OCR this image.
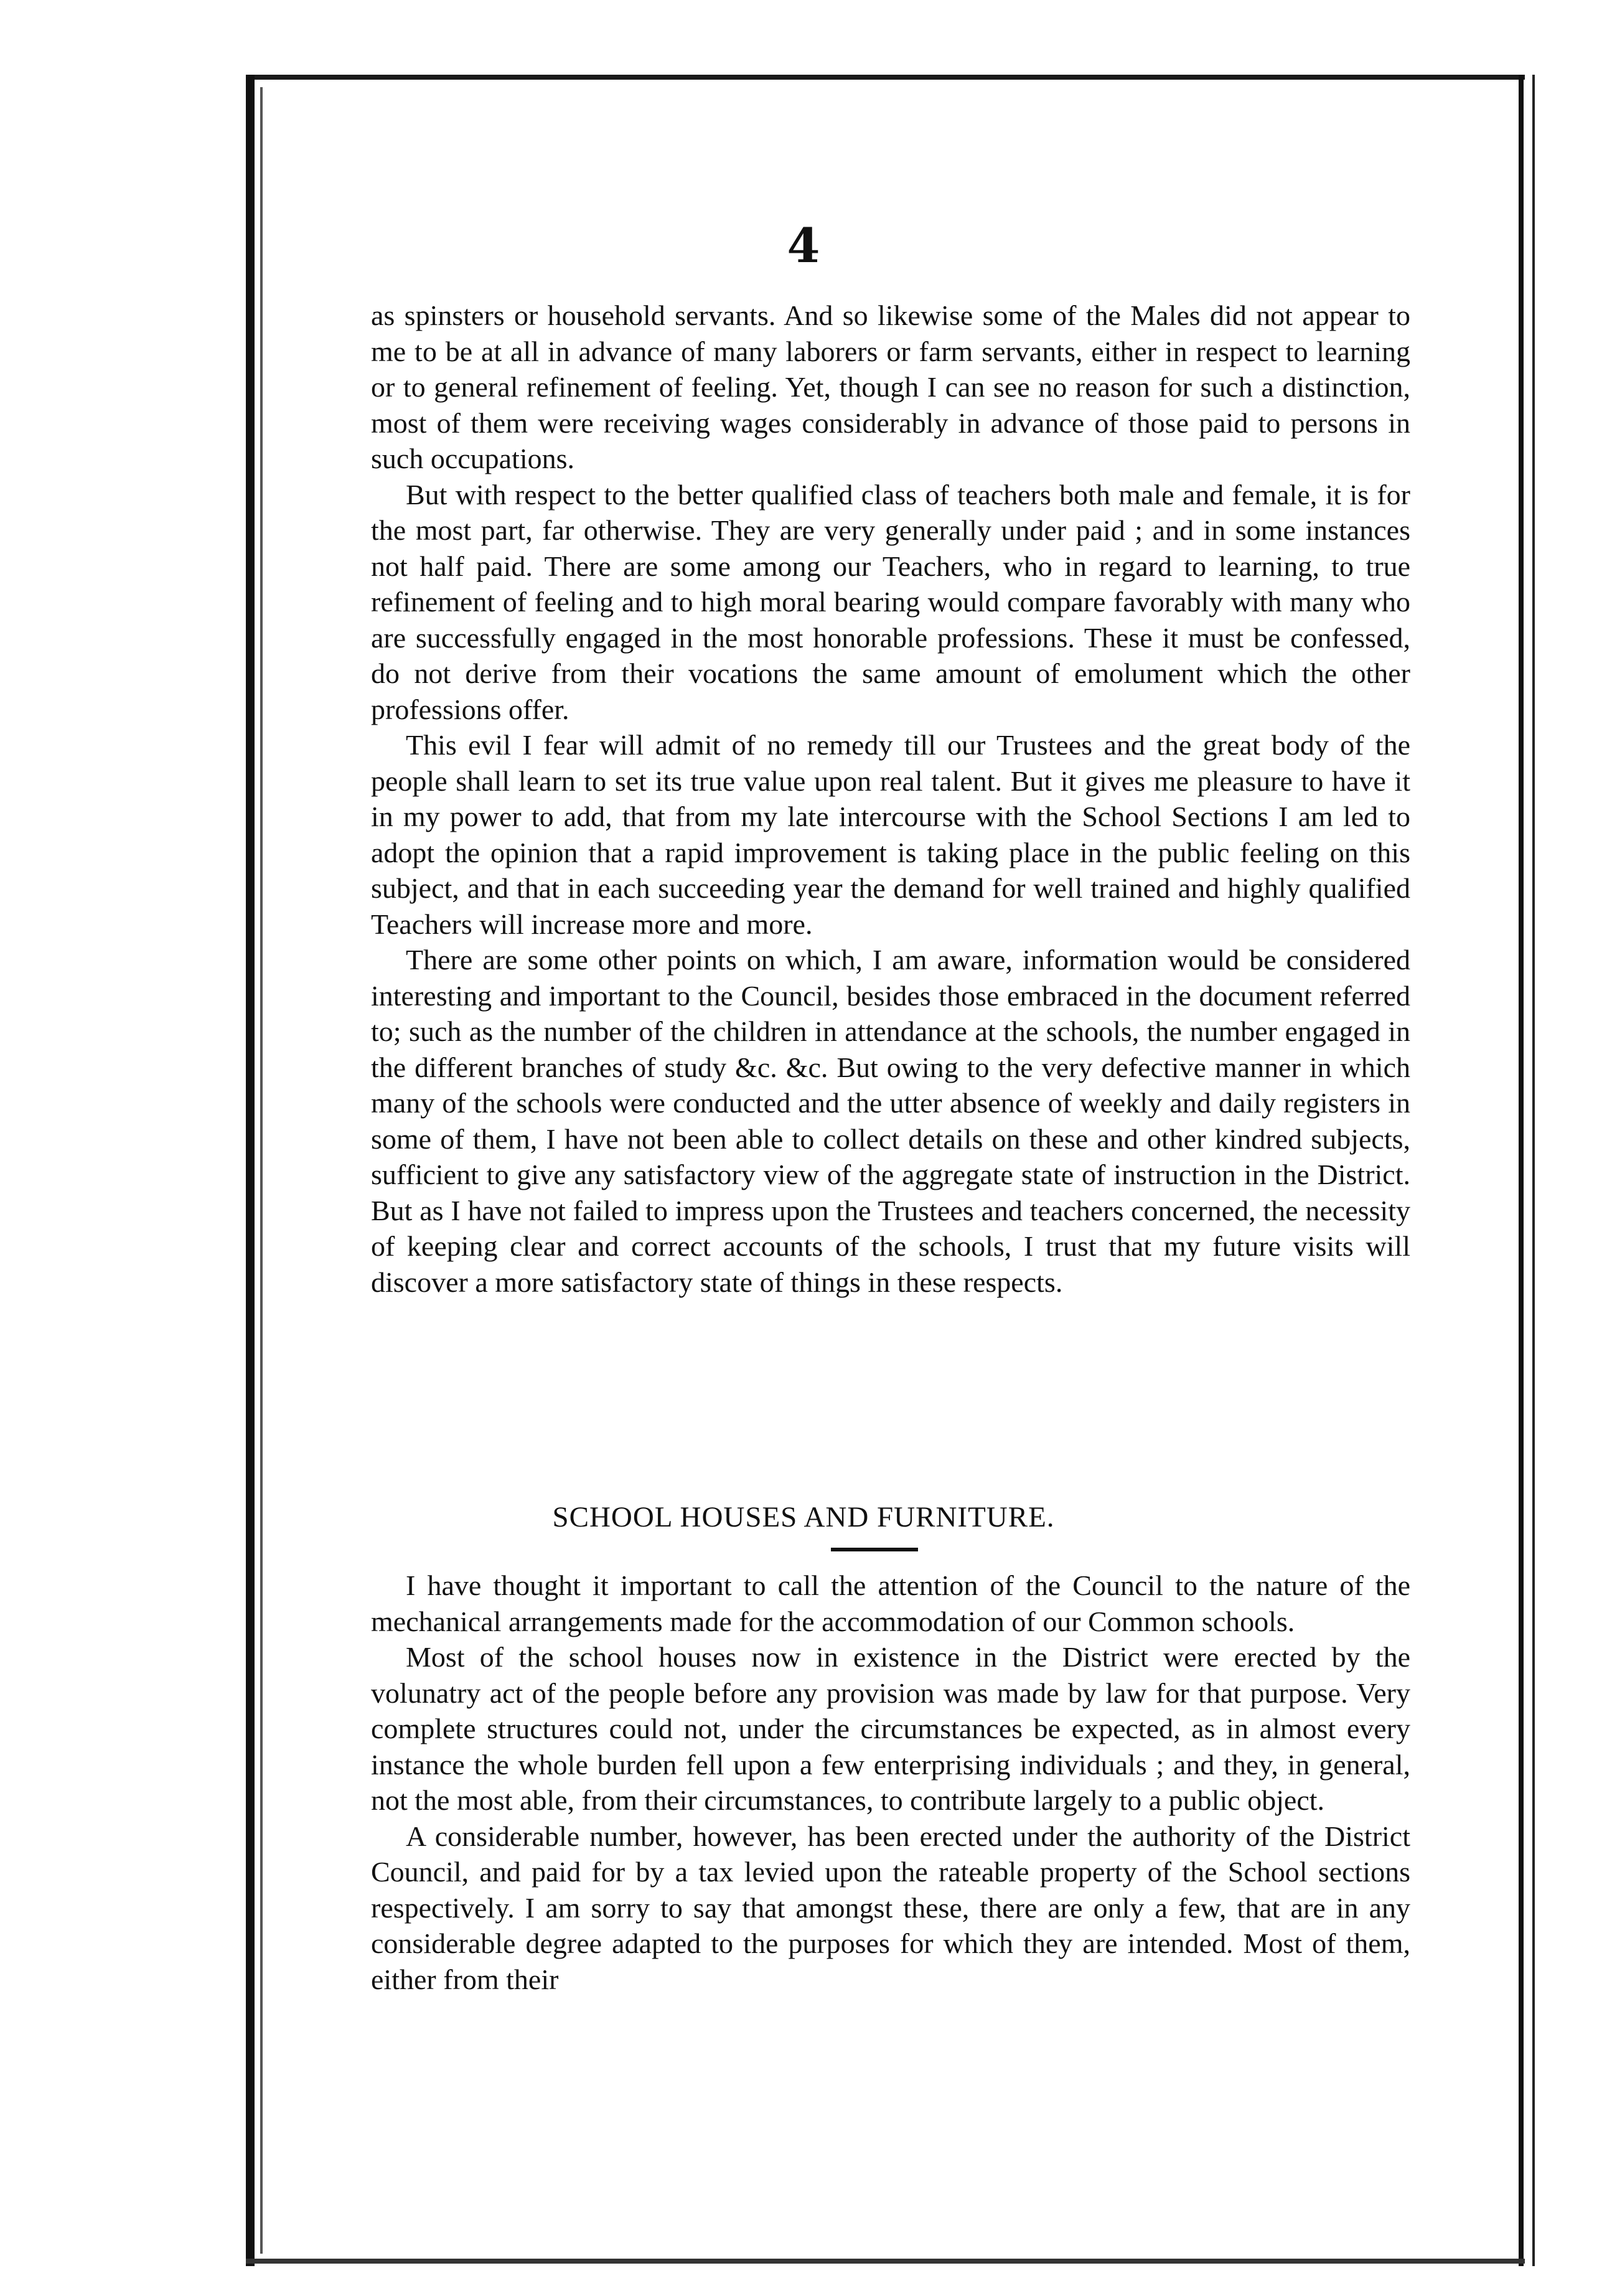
4

as spinsters or household servants. And so likewise some of the Males did not appear to me to be at all in advance of many laborers or farm servants, either in respect to learning or to general refinement of feeling. Yet, though I can see no reason for such a distinction, most of them were receiving wages considerably in advance of those paid to persons in such occupations.

But with respect to the better qualified class of teachers both male and female, it is for the most part, far otherwise. They are very generally under paid ; and in some instances not half paid. There are some among our Teachers, who in regard to learning, to true refinement of feeling and to high moral bearing would compare favorably with many who are successfully engaged in the most honorable professions. These it must be confessed, do not derive from their vocations the same amount of emolument which the other professions offer.

This evil I fear will admit of no remedy till our Trustees and the great body of the people shall learn to set its true value upon real talent. But it gives me pleasure to have it in my power to add, that from my late intercourse with the School Sections I am led to adopt the opinion that a rapid improvement is taking place in the public feeling on this subject, and that in each succeeding year the demand for well trained and highly qualified Teachers will increase more and more.

There are some other points on which, I am aware, information would be considered interesting and important to the Council, besides those embraced in the document referred to; such as the number of the children in attendance at the schools, the number engaged in the different branches of study &c. &c. But owing to the very defective manner in which many of the schools were conducted and the utter absence of weekly and daily registers in some of them, I have not been able to collect details on these and other kindred subjects, sufficient to give any satisfactory view of the aggregate state of instruction in the District. But as I have not failed to impress upon the Trustees and teachers concerned, the necessity of keeping clear and correct accounts of the schools, I trust that my future visits will discover a more satisfactory state of things in these respects.

SCHOOL HOUSES AND FURNITURE.

I have thought it important to call the attention of the Council to the nature of the mechanical arrangements made for the accommodation of our Common schools.

Most of the school houses now in existence in the District were erected by the volunatry act of the people before any provision was made by law for that purpose. Very complete structures could not, under the circumstances be expected, as in almost every instance the whole burden fell upon a few enterprising individuals ; and they, in general, not the most able, from their circumstances, to contribute largely to a public object.

A considerable number, however, has been erected under the authority of the District Council, and paid for by a tax levied upon the rateable property of the School sections respectively. I am sorry to say that amongst these, there are only a few, that are in any considerable degree adapted to the purposes for which they are intended. Most of them, either from their
